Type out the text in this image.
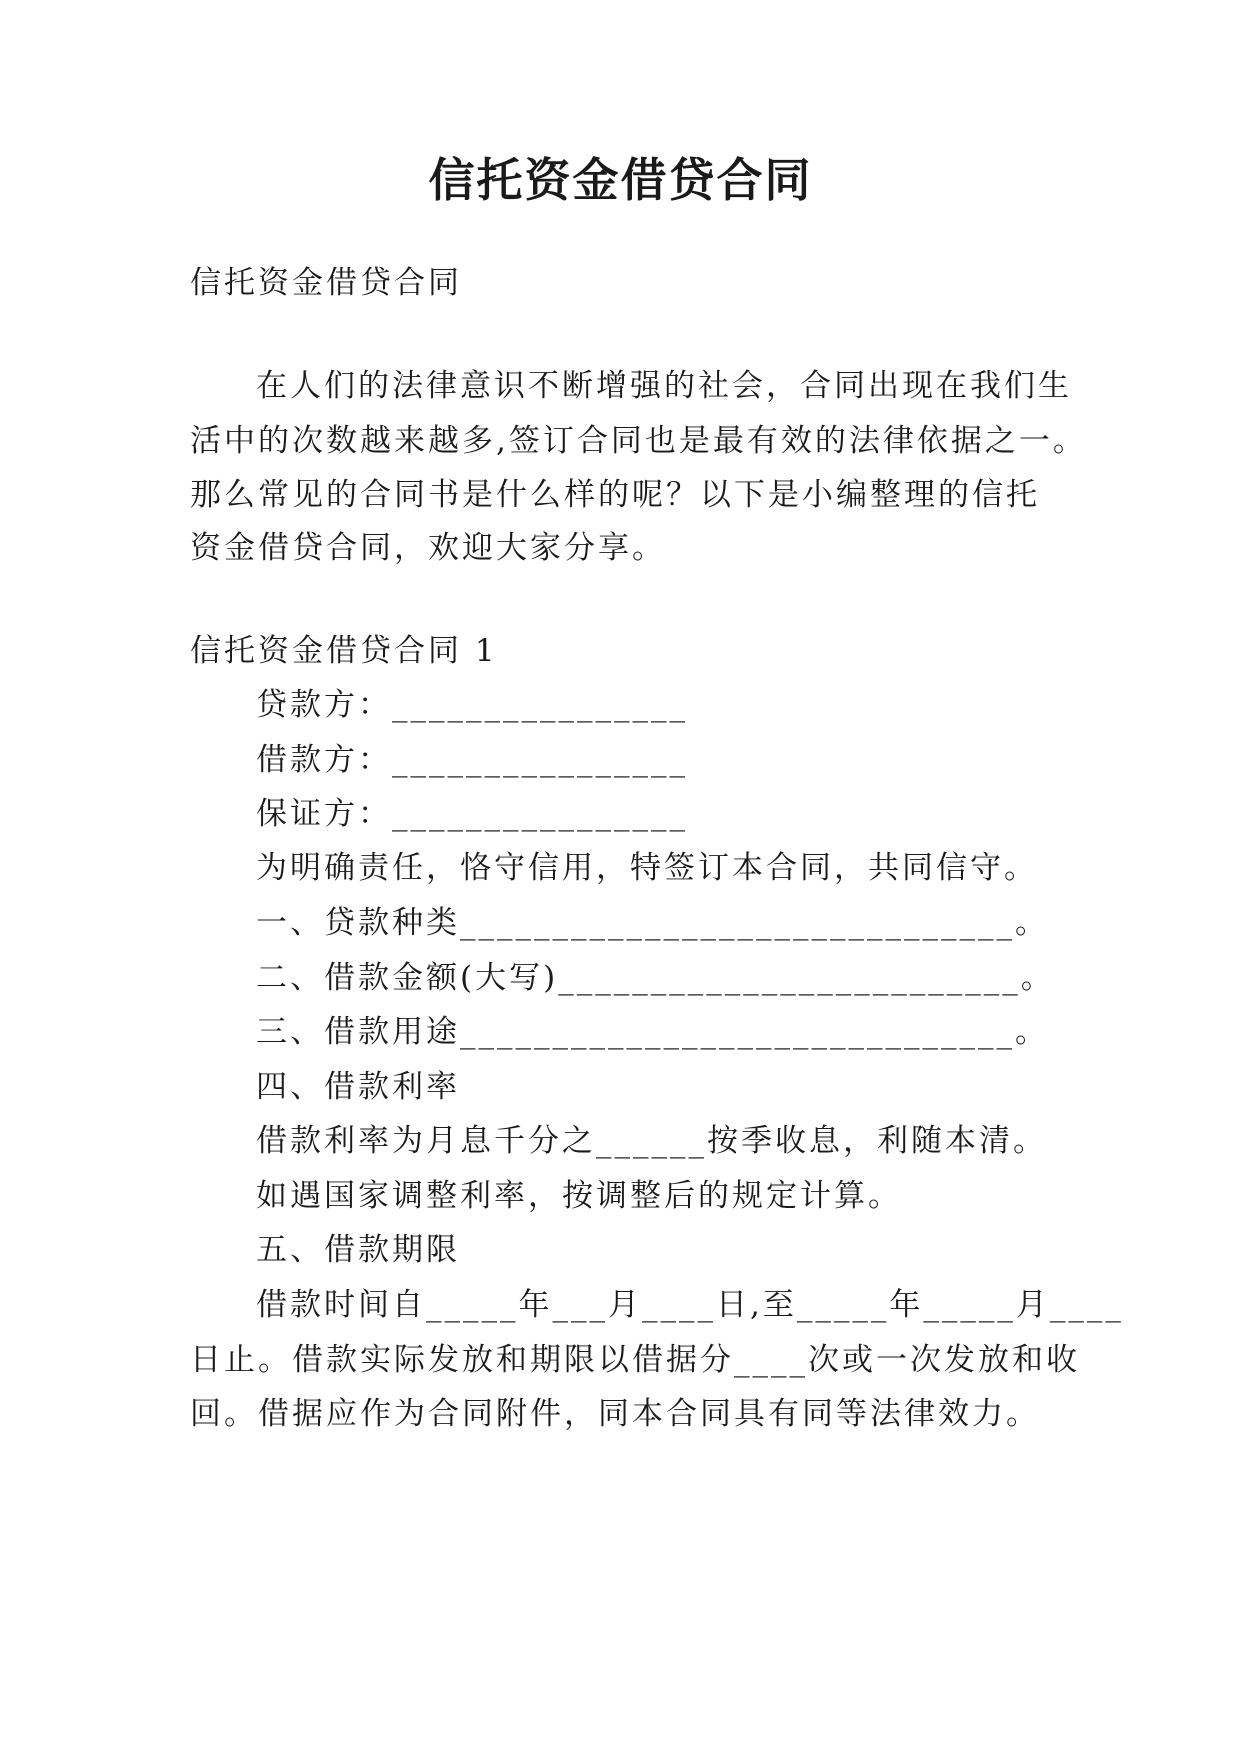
信托资金借贷合同
信托资金借贷合同
在人们的法律意识不断增强的社会，合同出现在我们生
活中的次数越来越多,签订合同也是最有效的法律依据之一。
那么常见的合同书是什么样的呢？以下是小编整理的信托
资金借贷合同，欢迎大家分享。
信托资金借贷合同 1
贷款方：________________
借款方：________________
保证方：________________
为明确责任，恪守信用，特签订本合同，共同信守。
一、贷款种类______________________________。
二、借款金额(大写)_________________________。
三、借款用途______________________________。
四、借款利率
借款利率为月息千分之______按季收息，利随本清。
如遇国家调整利率，按调整后的规定计算。
五、借款期限
借款时间自_____年___月____日,至_____年_____月____
日止。借款实际发放和期限以借据分____次或一次发放和收
回。借据应作为合同附件，同本合同具有同等法律效力。
